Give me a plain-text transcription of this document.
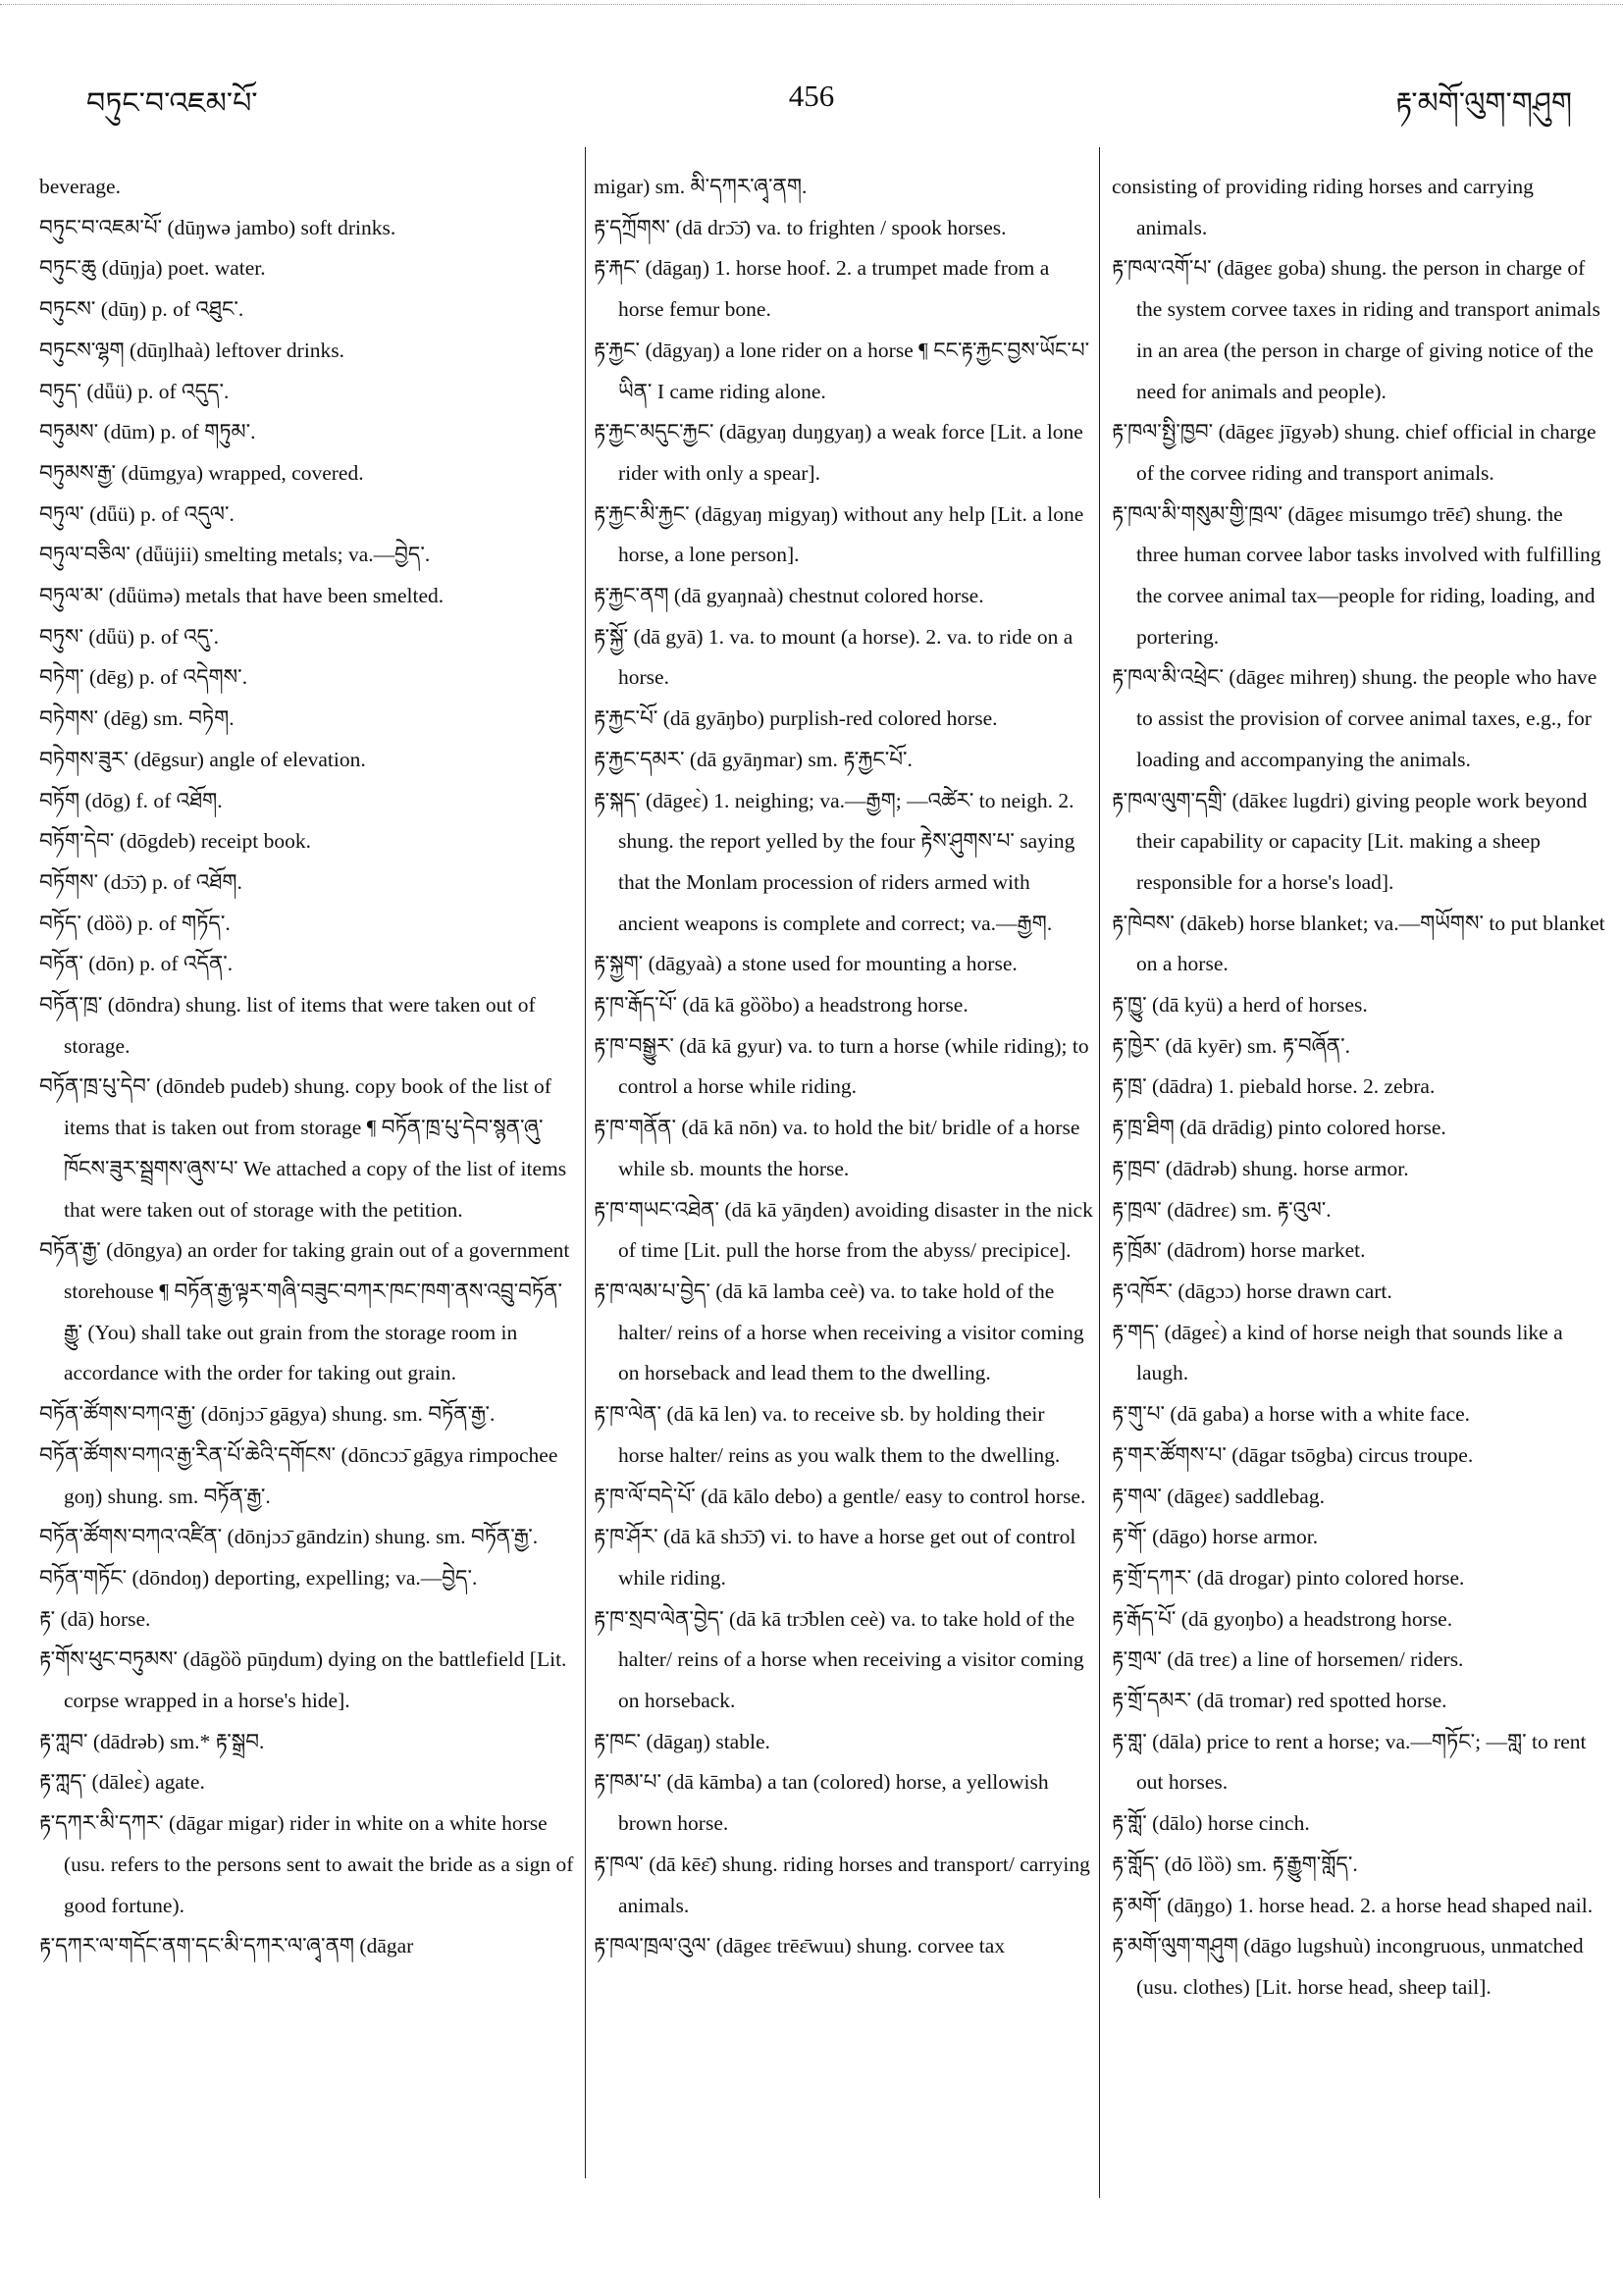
བཏུང་བ་འཇམ་པོ་	456	རྟ་མགོ་ལུག་གཤུག

beverage.

བཏུང་བ་འཇམ་པོ་ (dūŋwə jambo) soft drinks.

བཏུང་ཆུ (dūŋja) poet. water.

བཏུངས་ (dūŋ) p. of འཐུང་.

བཏུངས་ལྷག (dūŋlhaà) leftover drinks.

བཏུད་ (dǖü) p. of འདུད་.

བཏུམས་ (dūm) p. of གཏུམ་.

བཏུམས་རྒྱ་ (dūmgya) wrapped, covered.

བཏུལ་ (dǖü) p. of འདུལ་.

བཏུལ་བཅིལ་ (dǖüjii) smelting metals; va.—བྱེད་.

བཏུལ་མ་ (dǖümə) metals that have been smelted.

བཏུས་ (dǖü) p. of འདུ་.

བཏེག་ (dēg) p. of འདེགས་.

བཏེགས་ (dēg) sm. བཏེག.

བཏེགས་ཟུར་ (dēgsur) angle of elevation.

བཏོག (dōg) f. of འཐོག.

བཏོག་དེབ་ (dōgdeb) receipt book.

བཏོགས་ (dɔ̄ɔ̄) p. of འཐོག.

བཏོད་ (dȍȍ) p. of གཏོད་.

བཏོན་ (dōn) p. of འདོན་.

བཏོན་ཁྲ་ (dōndra) shung. list of items that were taken out of storage.

བཏོན་ཁྲ་པུ་དེབ་ (dōndeb pudeb) shung. copy book of the list of items that is taken out from storage ¶ བཏོན་ཁྲ་པུ་དེབ་སྙན་ཞུ་ཁོངས་ཟུར་སྦྲགས་ཞུས་པ་ We attached a copy of the list of items that were taken out of storage with the petition.

བཏོན་རྒྱ་ (dōngya) an order for taking grain out of a government storehouse ¶ བཏོན་རྒྱ་ལྟར་གཞི་བཟུང་བཀར་ཁང་ཁག་ནས་འབྲུ་བཏོན་རྒྱུ་ (You) shall take out grain from the storage room in accordance with the order for taking out grain.

བཏོན་ཚོགས་བཀའ་རྒྱ་ (dōnjɔɔ̄ gāgya) shung. sm. བཏོན་རྒྱ་.

བཏོན་ཚོགས་བཀའ་རྒྱ་རིན་པོ་ཆེའི་དགོངས་ (dōncɔɔ̄ gāgya rimpochee goŋ) shung. sm. བཏོན་རྒྱ་.

བཏོན་ཚོགས་བཀའ་འཛིན་ (dōnjɔɔ̄ gāndzin) shung. sm. བཏོན་རྒྱ་.

བཏོན་གཏོང་ (dōndoŋ) deporting, expelling; va.—བྱེད་.

རྟ་ (dā) horse.

རྟ་གོས་ཕུང་བཏུམས་ (dāgȍȍ pūŋdum) dying on the battlefield [Lit. corpse wrapped in a horse's hide].

རྟ་ཀླབ་ (dādrəb) sm.* རྟ་སྒྲབ.

རྟ་ཀླད་ (dāleɛ̀) agate.

རྟ་དཀར་མི་དཀར་ (dāgar migar) rider in white on a white horse (usu. refers to the persons sent to await the bride as a sign of good fortune).

རྟ་དཀར་ལ་གདོང་ནག་དང་མི་དཀར་ལ་ཞྭ་ནག (dāgar

migar) sm. མི་དཀར་ཞྭ་ནག.

རྟ་དཀྲོགས་ (dā drɔ̄ɔ̄) va. to frighten / spook horses.

རྟ་རྐང་ (dāgaŋ) 1. horse hoof. 2. a trumpet made from a horse femur bone.

རྟ་རྐྱང་ (dāgyaŋ) a lone rider on a horse ¶ ངང་རྟ་རྐྱང་བྱས་ཡོང་པ་ཡིན་ I came riding alone.

རྟ་རྐྱང་མདུང་རྐྱང་ (dāgyaŋ duŋgyaŋ) a weak force [Lit. a lone rider with only a spear].

རྟ་རྐྱང་མི་རྐྱང་ (dāgyaŋ migyaŋ) without any help [Lit. a lone horse, a lone person].

རྟ་རྐྱང་ནག (dā gyaŋnaà) chestnut colored horse.

རྟ་སྐྱོ་ (dā gyā) 1. va. to mount (a horse). 2. va. to ride on a horse.

རྟ་རྐྱང་པོ་ (dā gyāŋbo) purplish-red colored horse.

རྟ་རྐྱང་དམར་ (dā gyāŋmar) sm. རྟ་རྐྱང་པོ་.

རྟ་སྐད་ (dāgeɛ̀) 1. neighing; va.—རྒྱག; —འཚེར་ to neigh. 2. shung. the report yelled by the four རྟེས་ཤུགས་པ་ saying that the Monlam procession of riders armed with ancient weapons is complete and correct; va.—རྒྱག.

རྟ་སྐྱག་ (dāgyaà) a stone used for mounting a horse.

རྟ་ཁ་རྒོད་པོ་ (dā kā gȍȍbo) a headstrong horse.

རྟ་ཁ་བསྒྱུར་ (dā kā gyur) va. to turn a horse (while riding); to control a horse while riding.

རྟ་ཁ་གནོན་ (dā kā nōn) va. to hold the bit/ bridle of a horse while sb. mounts the horse.

རྟ་ཁ་གཡང་འཐེན་ (dā kā yāŋden) avoiding disaster in the nick of time [Lit. pull the horse from the abyss/ precipice].

རྟ་ཁ་ལམ་པ་བྱེད་ (dā kā lamba ceè) va. to take hold of the halter/ reins of a horse when receiving a visitor coming on horseback and lead them to the dwelling.

རྟ་ཁ་ལེན་ (dā kā len) va. to receive sb. by holding their horse halter/ reins as you walk them to the dwelling.

རྟ་ཁ་ལོ་བདེ་པོ་ (dā kālo debo) a gentle/ easy to control horse.

རྟ་ཁ་ཤོར་ (dā kā shɔ̄ɔ̄) vi. to have a horse get out of control while riding.

རྟ་ཁ་སྲབ་ལེན་བྱེད་ (dā kā trɔ̄blen ceè) va. to take hold of the halter/ reins of a horse when receiving a visitor coming on horseback.

རྟ་ཁང་ (dāgaŋ) stable.

རྟ་ཁམ་པ་ (dā kāmba) a tan (colored) horse, a yellowish brown horse.

རྟ་ཁལ་ (dā kēɛ̄) shung. riding horses and transport/ carrying animals.

རྟ་ཁལ་ཁྲལ་འུལ་ (dāgeɛ trēɛ̄wuu) shung. corvee tax

consisting of providing riding horses and carrying animals.

རྟ་ཁལ་འགོ་པ་ (dāgeɛ goba) shung. the person in charge of the system corvee taxes in riding and transport animals in an area (the person in charge of giving notice of the need for animals and people).

རྟ་ཁལ་སྤྱི་ཁྱབ་ (dāgeɛ jīgyəb) shung. chief official in charge of the corvee riding and transport animals.

རྟ་ཁལ་མི་གསུམ་གྱི་ཁྲལ་ (dāgeɛ misumgo trēɛ̄) shung. the three human corvee labor tasks involved with fulfilling the corvee animal tax—people for riding, loading, and portering.

རྟ་ཁལ་མི་འཕྲེང་ (dāgeɛ mihreŋ) shung. the people who have to assist the provision of corvee animal taxes, e.g., for loading and accompanying the animals.

རྟ་ཁལ་ལུག་དགྲི་ (dākeɛ lugdri) giving people work beyond their capability or capacity [Lit. making a sheep responsible for a horse's load].

རྟ་ཁེབས་ (dākeb) horse blanket; va.—གཡོགས་ to put blanket on a horse.

རྟ་ཁྱུ་ (dā kyü) a herd of horses.

རྟ་ཁྱེར་ (dā kyēr) sm. རྟ་བཞོན་.

རྟ་ཁྲ་ (dādra) 1. piebald horse. 2. zebra.

རྟ་ཁྲ་ཐིག (dā drādig) pinto colored horse.

རྟ་ཁྲབ་ (dādrəb) shung. horse armor.

རྟ་ཁྲལ་ (dādreɛ) sm. རྟ་འུལ་.

རྟ་ཁྲོམ་ (dādrom) horse market.

རྟ་འཁོར་ (dāgɔɔ) horse drawn cart.

རྟ་གད་ (dāgeɛ̀) a kind of horse neigh that sounds like a laugh.

རྟ་གུ་པ་ (dā gaba) a horse with a white face.

རྟ་གར་ཚོགས་པ་ (dāgar tsōgba) circus troupe.

རྟ་གལ་ (dāgeɛ) saddlebag.

རྟ་གོ་ (dāgo) horse armor.

རྟ་གྲོ་དཀར་ (dā drogar) pinto colored horse.

རྟ་རྒོད་པོ་ (dā gyoŋbo) a headstrong horse.

རྟ་གྲལ་ (dā treɛ) a line of horsemen/ riders.

རྟ་གྲོ་དམར་ (dā tromar) red spotted horse.

རྟ་གླ་ (dāla) price to rent a horse; va.—གཏོང་; —གླ་ to rent out horses.

རྟ་གློ་ (dālo) horse cinch.

རྟ་གློད་ (dō lȍȍ) sm. རྟ་རྒྱུག་གློད་.

རྟ་མགོ་ (dāŋgo) 1. horse head. 2. a horse head shaped nail.

རྟ་མགོ་ལུག་གཤུག (dāgo lugshuù) incongruous, unmatched (usu. clothes) [Lit. horse head, sheep tail].
